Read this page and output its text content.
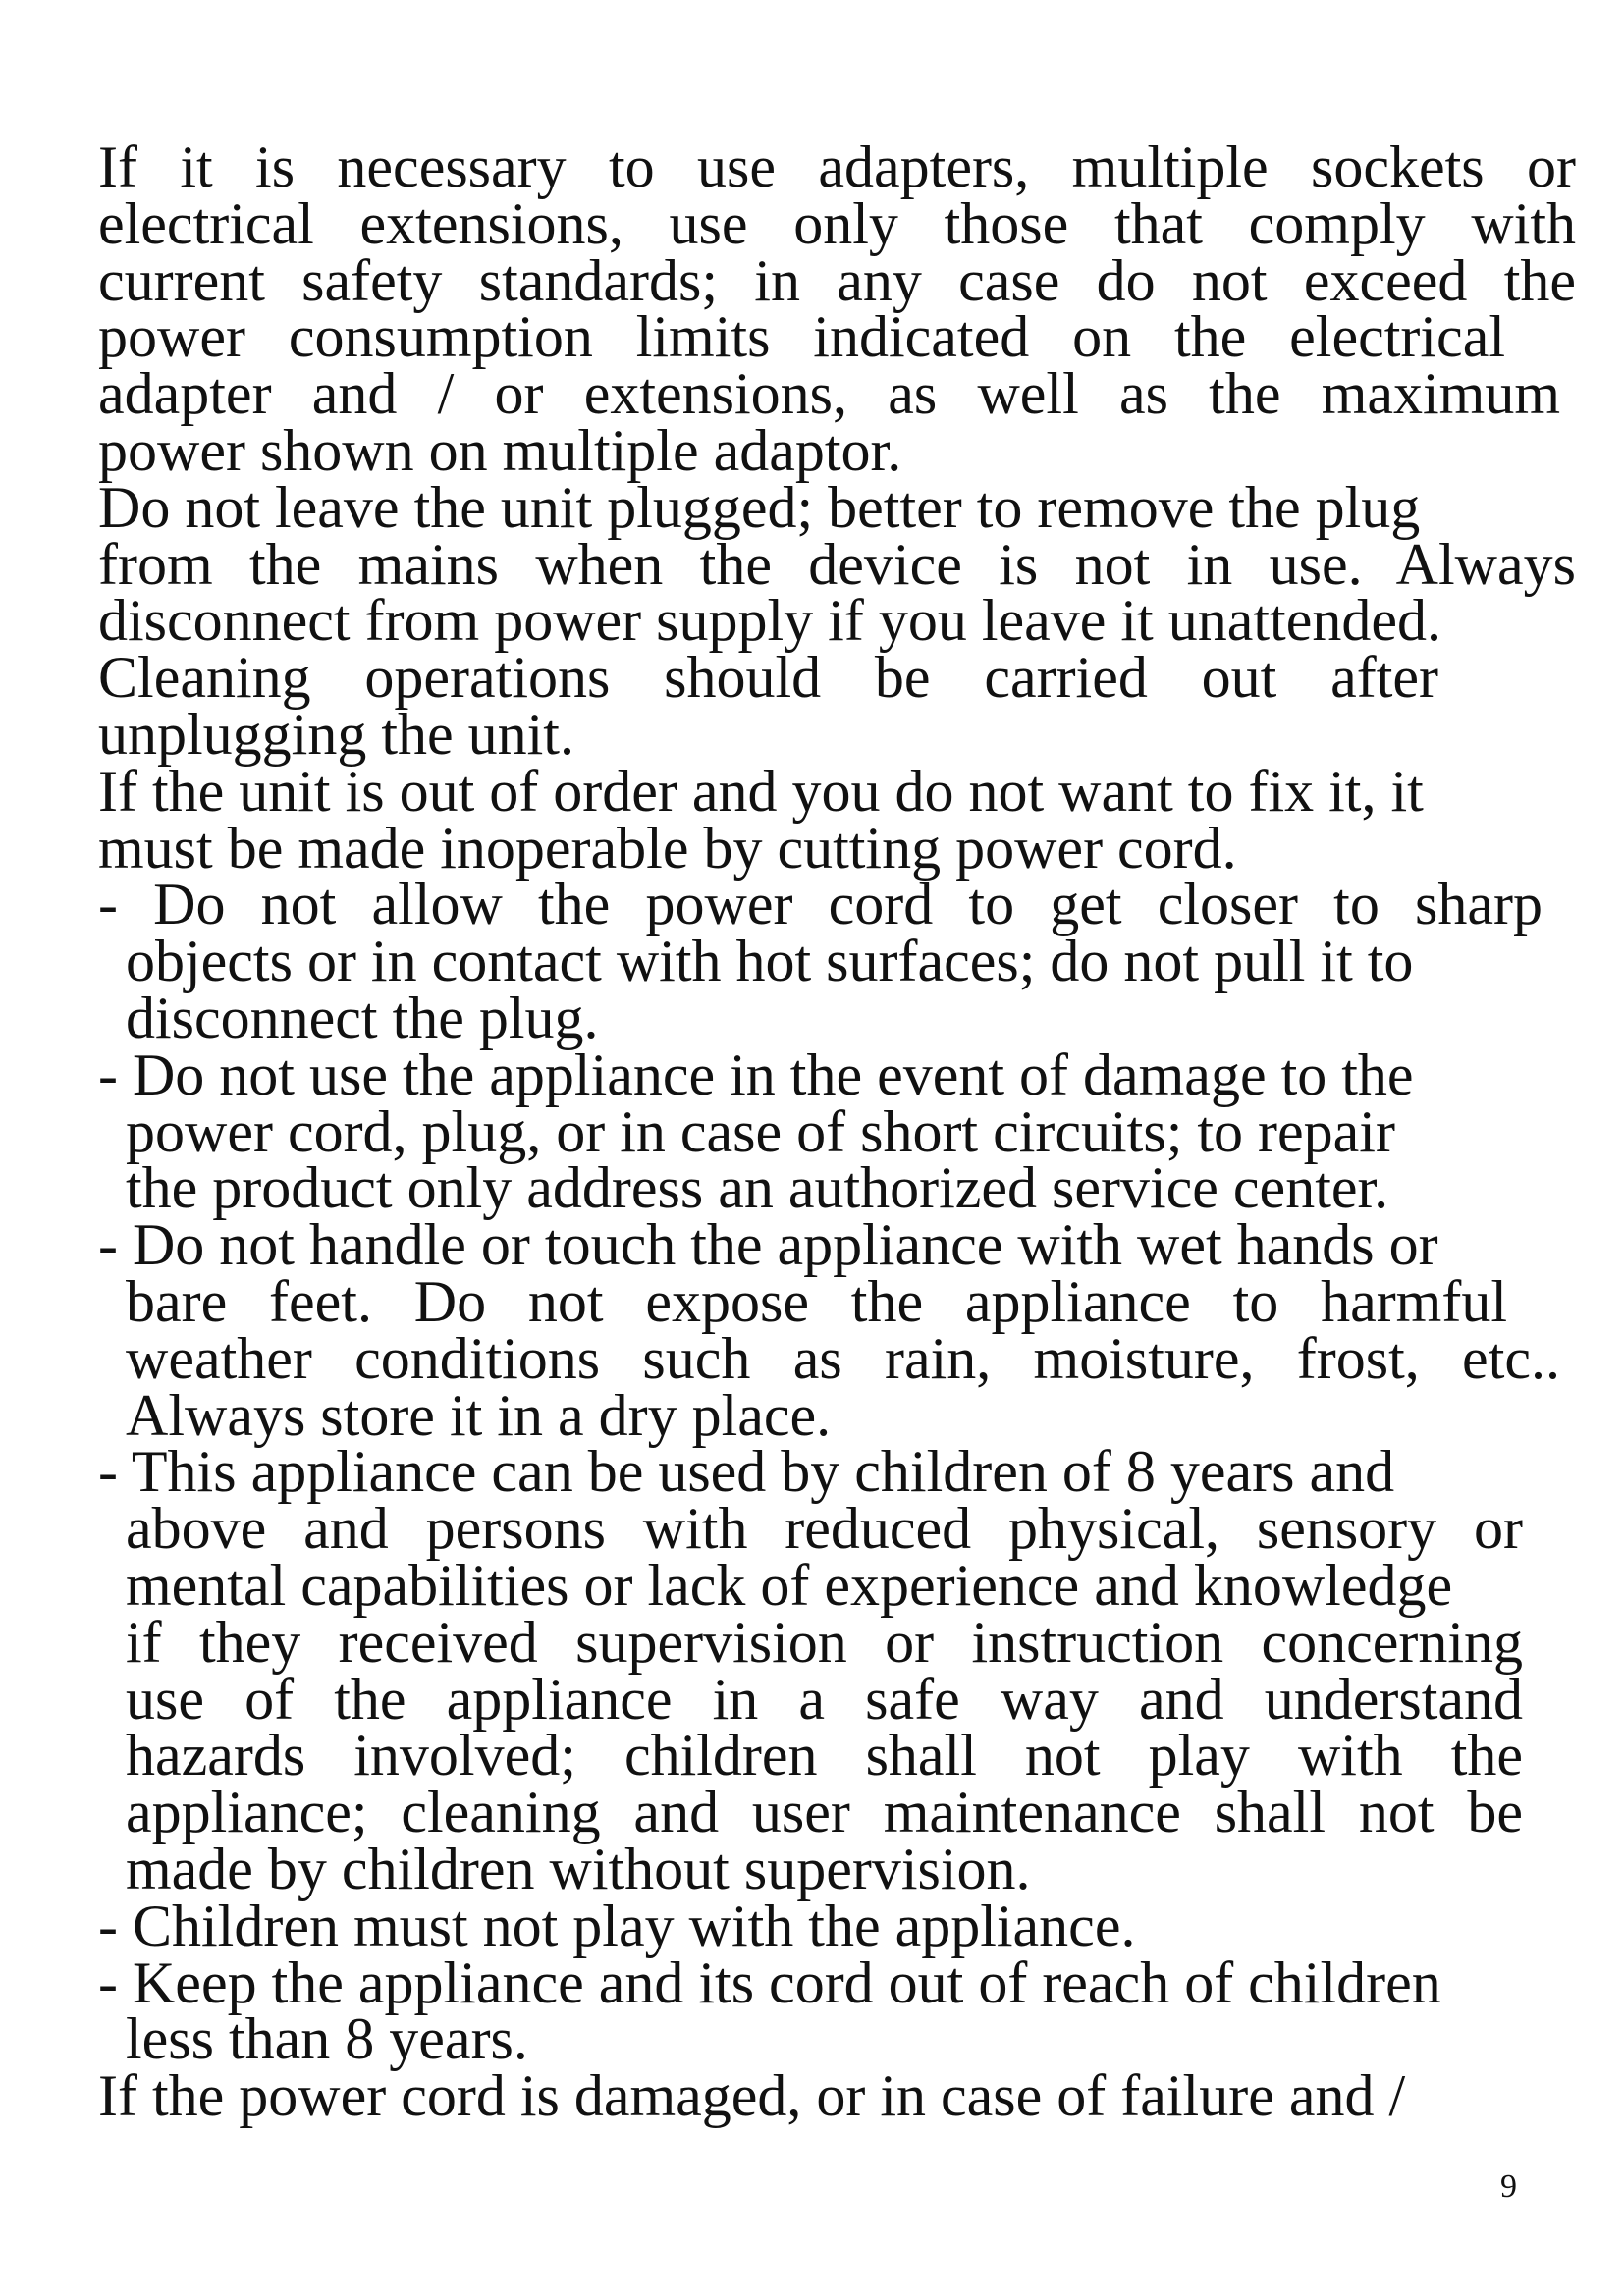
If it is necessary to use adapters, multiple sockets or
electrical extensions, use only those that comply with
current safety standards; in any case do not exceed the
power consumption limits indicated on the electrical
adapter and / or extensions, as well as the maximum
power shown on multiple adaptor.
Do not leave the unit plugged; better to remove the plug
from the mains when the device is not in use. Always
disconnect from power supply if you leave it unattended.
Cleaning operations should be carried out after
unplugging the unit.
If the unit is out of order and you do not want to fix it, it
must be made inoperable by cutting power cord.
- Do not allow the power cord to get closer to sharp
objects or in contact with hot surfaces; do not pull it to
disconnect the plug.
- Do not use the appliance in the event of damage to the
power cord, plug, or in case of short circuits; to repair
the product only address an authorized service center.
- Do not handle or touch the appliance with wet hands or
bare feet. Do not expose the appliance to harmful
weather conditions such as rain, moisture, frost, etc..
Always store it in a dry place.
- This appliance can be used by children of 8 years and
above and persons with reduced physical, sensory or
mental capabilities or lack of experience and knowledge
if they received supervision or instruction concerning
use of the appliance in a safe way and understand
hazards involved; children shall not play with the
appliance; cleaning and user maintenance shall not be
made by children without supervision.
- Children must not play with the appliance.
- Keep the appliance and its cord out of reach of children
less than 8 years.
If the power cord is damaged, or in case of failure and /
9
